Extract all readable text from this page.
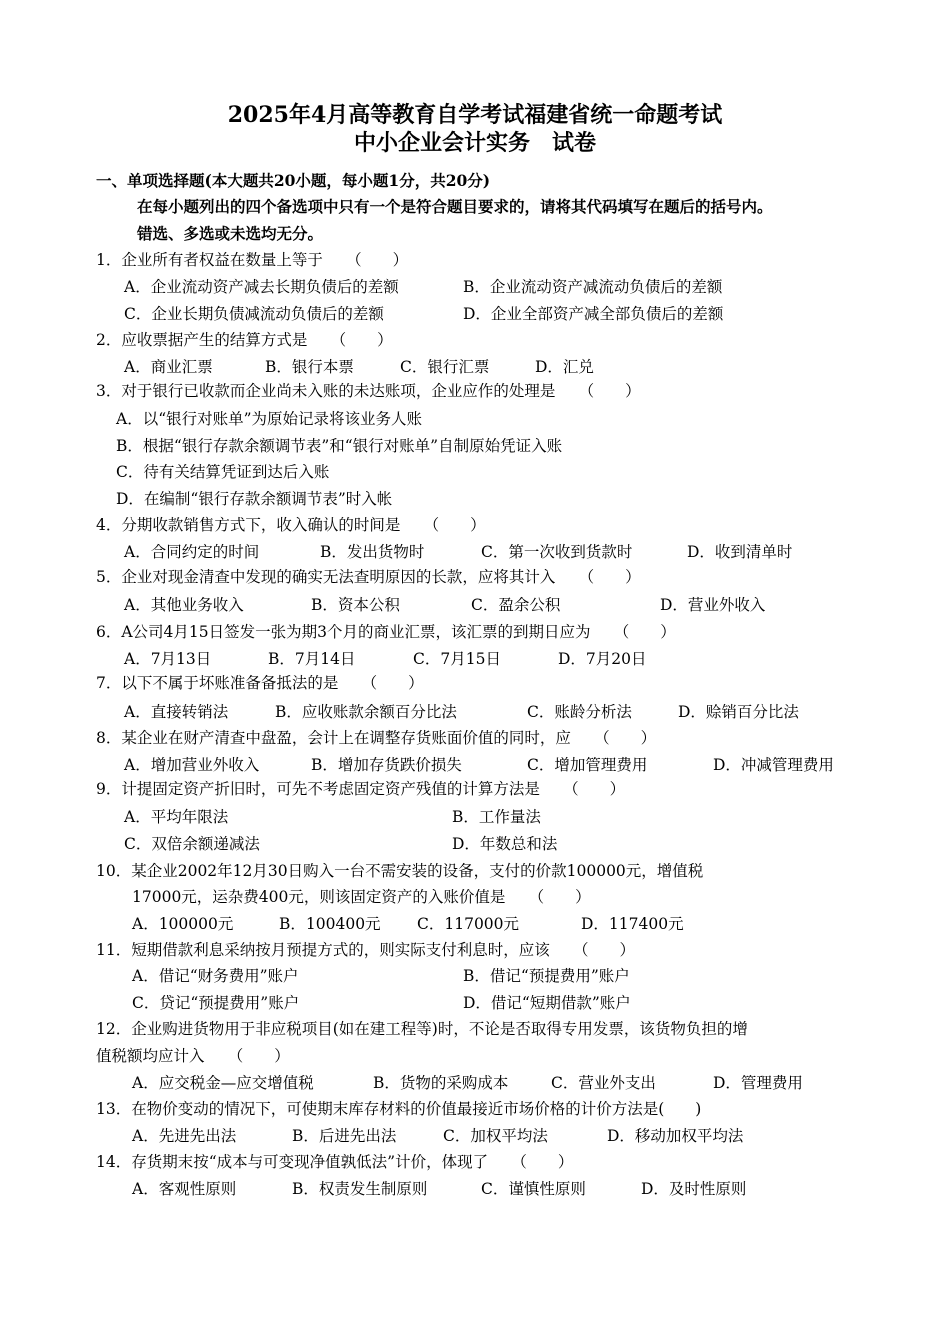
2025年4月高等教育自学考试福建省统一命题考试
中小企业会计实务　试卷
一、单项选择题(本大题共20小题，每小题1分，共20分)
在每小题列出的四个备选项中只有一个是符合题目要求的，请将其代码填写在题后的括号内。
错选、多选或未选均无分。
1．企业所有者权益在数量上等于　　（　　）
A．企业流动资产减去长期负债后的差额	B．企业流动资产减流动负债后的差额
C．企业长期负债减流动负债后的差额	D．企业全部资产减全部负债后的差额
2．应收票据产生的结算方式是　　（　　）
A．商业汇票	B．银行本票	C．银行汇票	D．汇兑
3．对于银行已收款而企业尚未入账的未达账项，企业应作的处理是　　（　　）
A．以“银行对账单”为原始记录将该业务人账
B．根据“银行存款余额调节表”和“银行对账单”自制原始凭证入账
C．待有关结算凭证到达后入账
D．在编制“银行存款余额调节表”时入帐
4．分期收款销售方式下，收入确认的时间是　　（　　）
A．合同约定的时间	B．发出货物时	C．第一次收到货款时	D．收到清单时
5．企业对现金清查中发现的确实无法查明原因的长款，应将其计入　　（　　）
A．其他业务收入	B．资本公积	C．盈余公积	D．营业外收入
6．A公司4月15日签发一张为期3个月的商业汇票，该汇票的到期日应为　　（　　）
A．7月13日	B．7月14日	C．7月15日	D．7月20日
7．以下不属于坏账准备备抵法的是　　（　　）
A．直接转销法	B．应收账款余额百分比法	C．账龄分析法	D．赊销百分比法
8．某企业在财产清查中盘盈，会计上在调整存货账面价值的同时，应　　（　　）
A．增加营业外收入	B．增加存货跌价损失	C．增加管理费用	D．冲减管理费用
9．计提固定资产折旧时，可先不考虑固定资产残值的计算方法是　　（　　）
A．平均年限法	B．工作量法
C．双倍余额递减法	D．年数总和法
10．某企业2002年12月30日购入一台不需安装的设备，支付的价款100000元，增值税
17000元，运杂费400元，则该固定资产的入账价值是　　（　　）
A．100000元	B．100400元 C．117000元	D．117400元
11．短期借款利息采纳按月预提方式的，则实际支付利息时，应该　　（　　）
A．借记“财务费用”账户	B．借记“预提费用”账户
C．贷记“预提费用”账户	D．借记“短期借款”账户
12．企业购进货物用于非应税项目(如在建工程等)时，不论是否取得专用发票，该货物负担的增
值税额均应计入　　（　　）
A．应交税金—应交增值税	B．货物的采购成本	C．营业外支出	D．管理费用
13．在物价变动的情况下，可使期末库存材料的价值最接近市场价格的计价方法是(　　)
A．先进先出法	B．后进先出法	C．加权平均法	D．移动加权平均法
14．存货期末按“成本与可变现净值孰低法”计价，体现了　　（　　）
A．客观性原则	B．权责发生制原则	C．谨慎性原则	D．及时性原则
